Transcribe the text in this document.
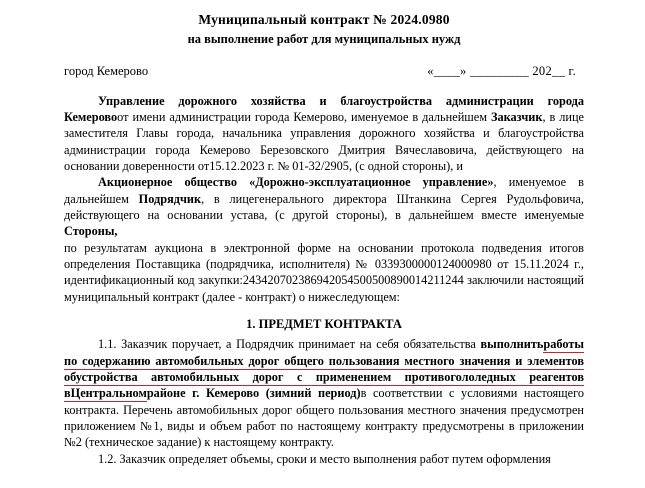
Муниципальный контракт № 2024.0980
на выполнение работ для муниципальных нужд
город Кемерово	«____» _________ 202__ г.

Управление дорожного хозяйства и благоустройства администрации города Кемеровоот имени администрации города Кемерово, именуемое в дальнейшем Заказчик, в лице заместителя Главы города, начальника управления дорожного хозяйства и благоустройства администрации города Кемерово Березовского Дмитрия Вячеславовича, действующего на основании доверенности от15.12.2023 г. № 01-32/2905, (с одной стороны), и

Акционерное общество «Дорожно-эксплуатационное управление», именуемое в дальнейшем Подрядчик, в лицегенерального директора Штанкина Сергея Рудольфовича, действующего на основании устава, (с другой стороны), в дальнейшем вместе именуемые Стороны,

по результатам аукциона в электронной форме на основании протокола подведения итогов определения Поставщика (подрядчика, исполнителя) № 0339300000124000980 от 15.11.2024 г., идентификационный код закупки:243420702386942054500500890014211244 заключили настоящий муниципальный контракт (далее - контракт) о нижеследующем:

1. ПРЕДМЕТ КОНТРАКТА

1.1. Заказчик поручает, а Подрядчик принимает на себя обязательства выполнитьработы по содержанию автомобильных дорог общего пользования местного значения и элементов обустройства автомобильных дорог с применением противогололедных реагентов вЦентральномрайоне г. Кемерово (зимний период)в соответствии с условиями настоящего контракта. Перечень автомобильных дорог общего пользования местного значения предусмотрен приложением №1, виды и объем работ по настоящему контракту предусмотрены в приложении №2 (техническое задание) к настоящему контракту.

1.2. Заказчик определяет объемы, сроки и место выполнения работ путем оформления
